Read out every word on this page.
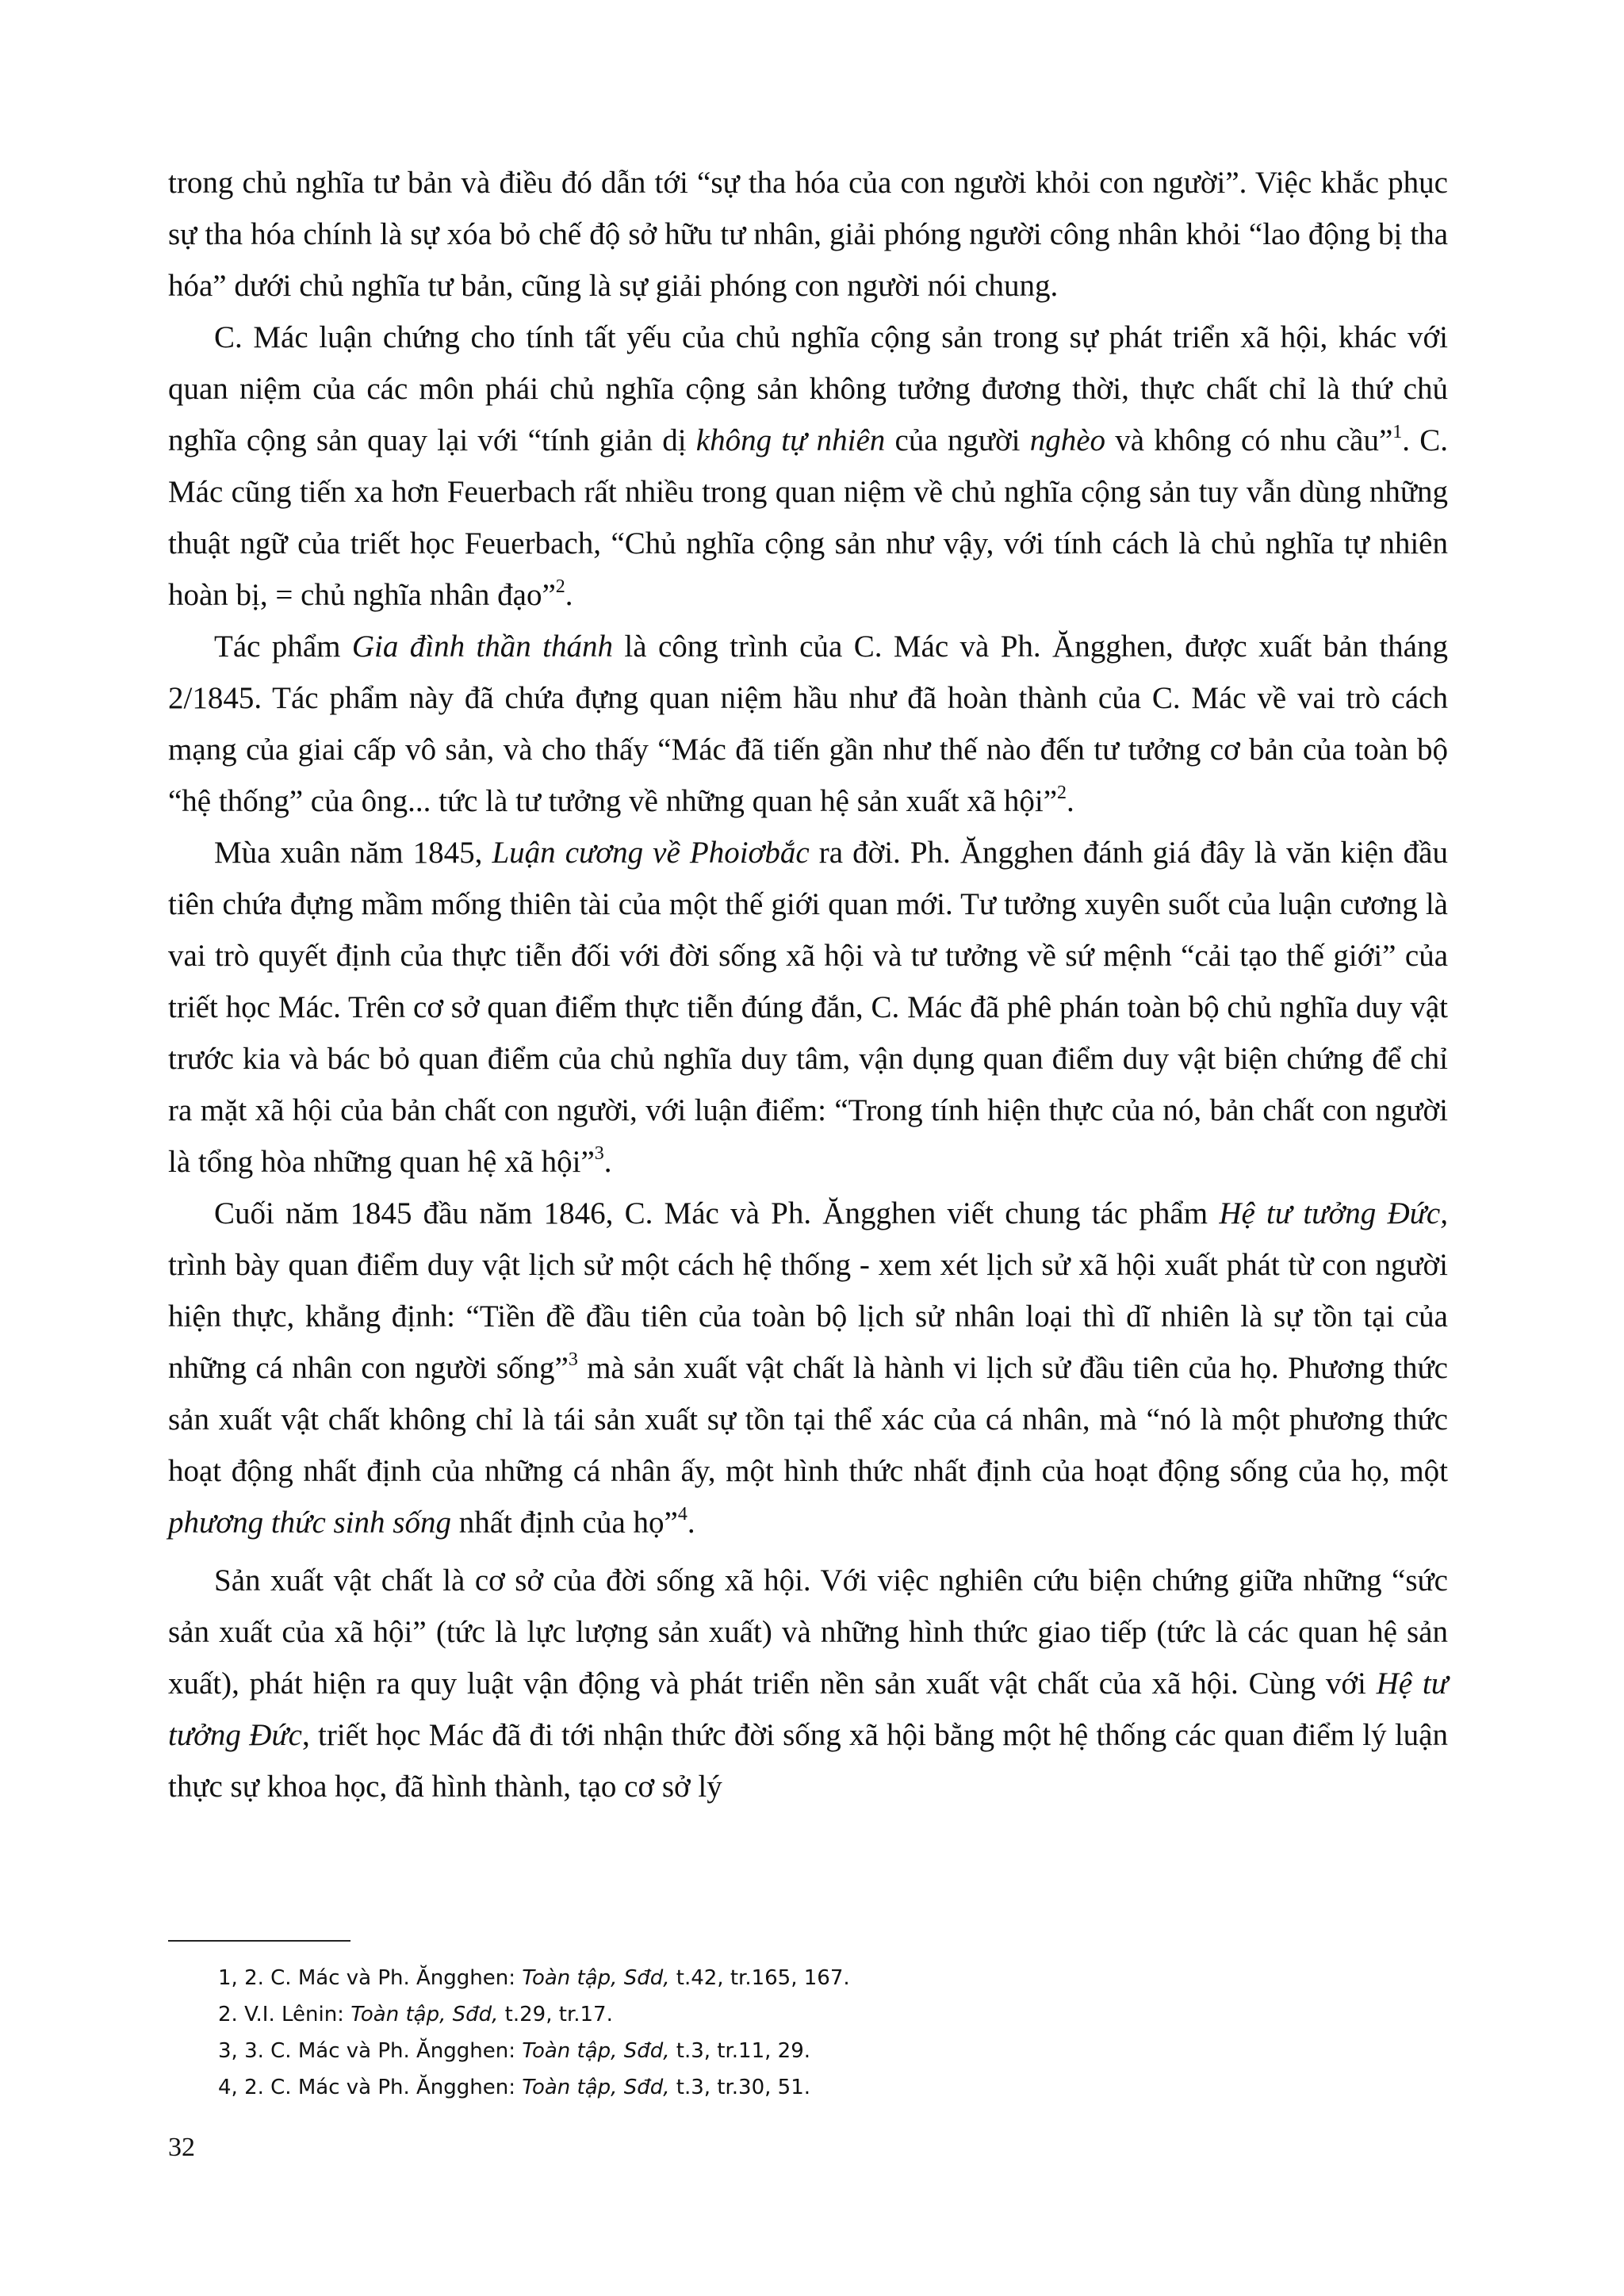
trong chủ nghĩa tư bản và điều đó dẫn tới “sự tha hóa của con người khỏi con người”. Việc khắc phục sự tha hóa chính là sự xóa bỏ chế độ sở hữu tư nhân, giải phóng người công nhân khỏi “lao động bị tha hóa” dưới chủ nghĩa tư bản, cũng là sự giải phóng con người nói chung.

C. Mác luận chứng cho tính tất yếu của chủ nghĩa cộng sản trong sự phát triển xã hội, khác với quan niệm của các môn phái chủ nghĩa cộng sản không tưởng đương thời, thực chất chỉ là thứ chủ nghĩa cộng sản quay lại với “tính giản dị không tự nhiên của người nghèo và không có nhu cầu”$^1$. C. Mác cũng tiến xa hơn Feuerbach rất nhiều trong quan niệm về chủ nghĩa cộng sản tuy vẫn dùng những thuật ngữ của triết học Feuerbach, “Chủ nghĩa cộng sản như vậy, với tính cách là chủ nghĩa tự nhiên hoàn bị, = chủ nghĩa nhân đạo”$^2$.

Tác phẩm Gia đình thần thánh là công trình của C. Mác và Ph. Ăngghen, được xuất bản tháng 2/1845. Tác phẩm này đã chứa đựng quan niệm hầu như đã hoàn thành của C. Mác về vai trò cách mạng của giai cấp vô sản, và cho thấy “Mác đã tiến gần như thế nào đến tư tưởng cơ bản của toàn bộ “hệ thống” của ông... tức là tư tưởng về những quan hệ sản xuất xã hội”$^2$.

Mùa xuân năm 1845, Luận cương về Phoiơbắc ra đời. Ph. Ăngghen đánh giá đây là văn kiện đầu tiên chứa đựng mầm mống thiên tài của một thế giới quan mới. Tư tưởng xuyên suốt của luận cương là vai trò quyết định của thực tiễn đối với đời sống xã hội và tư tưởng về sứ mệnh “cải tạo thế giới” của triết học Mác. Trên cơ sở quan điểm thực tiễn đúng đắn, C. Mác đã phê phán toàn bộ chủ nghĩa duy vật trước kia và bác bỏ quan điểm của chủ nghĩa duy tâm, vận dụng quan điểm duy vật biện chứng để chỉ ra mặt xã hội của bản chất con người, với luận điểm: “Trong tính hiện thực của nó, bản chất con người là tổng hòa những quan hệ xã hội”$^3$.

Cuối năm 1845 đầu năm 1846, C. Mác và Ph. Ăngghen viết chung tác phẩm Hệ tư tưởng Đức, trình bày quan điểm duy vật lịch sử một cách hệ thống - xem xét lịch sử xã hội xuất phát từ con người hiện thực, khẳng định: “Tiền đề đầu tiên của toàn bộ lịch sử nhân loại thì dĩ nhiên là sự tồn tại của những cá nhân con người sống”$^3$ mà sản xuất vật chất là hành vi lịch sử đầu tiên của họ. Phương thức sản xuất vật chất không chỉ là tái sản xuất sự tồn tại thể xác của cá nhân, mà “nó là một phương thức hoạt động nhất định của những cá nhân ấy, một hình thức nhất định của hoạt động sống của họ, một phương thức sinh sống nhất định của họ”$^4$.

Sản xuất vật chất là cơ sở của đời sống xã hội. Với việc nghiên cứu biện chứng giữa những “sức sản xuất của xã hội” (tức là lực lượng sản xuất) và những hình thức giao tiếp (tức là các quan hệ sản xuất), phát hiện ra quy luật vận động và phát triển nền sản xuất vật chất của xã hội. Cùng với Hệ tư tưởng Đức, triết học Mác đã đi tới nhận thức đời sống xã hội bằng một hệ thống các quan điểm lý luận thực sự khoa học, đã hình thành, tạo cơ sở lý

1, 2. C. Mác và Ph. Ăngghen: Toàn tập, Sđd, t.42, tr.165, 167.

2. V.I. Lênin: Toàn tập, Sđd, t.29, tr.17.

3, 3. C. Mác và Ph. Ăngghen: Toàn tập, Sđd, t.3, tr.11, 29.

4, 2. C. Mác và Ph. Ăngghen: Toàn tập, Sđd, t.3, tr.30, 51.

32
